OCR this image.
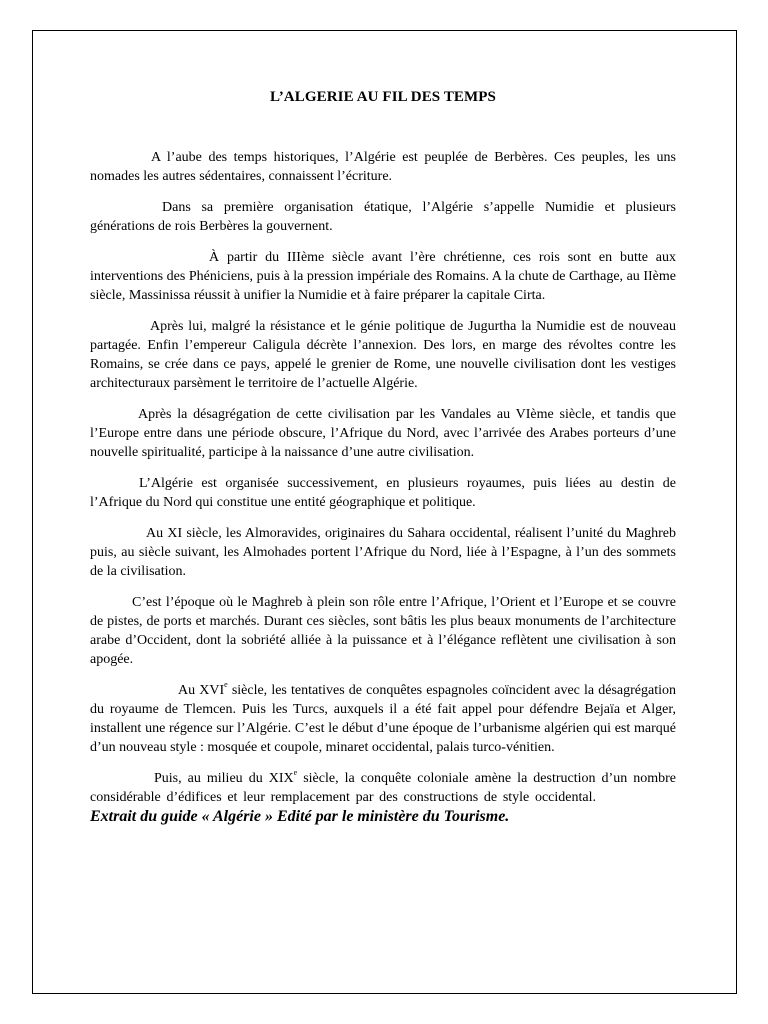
L’ALGERIE AU FIL DES TEMPS

A l’aube des temps historiques, l’Algérie est peuplée de Berbères. Ces peuples, les uns nomades les autres sédentaires, connaissent l’écriture.

Dans sa première organisation étatique, l’Algérie s’appelle Numidie et plusieurs générations de rois Berbères la gouvernent.

À partir du IIIème siècle avant l’ère chrétienne, ces rois sont en butte aux interventions des Phéniciens, puis à la pression impériale des Romains. A la chute de Carthage, au IIème siècle, Massinissa réussit à unifier la Numidie et à faire préparer la capitale Cirta.

Après lui, malgré la résistance et le génie politique de Jugurtha la Numidie est de nouveau partagée. Enfin l’empereur Caligula décrète l’annexion. Des lors, en marge des révoltes contre les Romains, se crée dans ce pays, appelé le grenier de Rome, une nouvelle civilisation dont les vestiges architecturaux parsèment le territoire de l’actuelle Algérie.

Après la désagrégation de cette civilisation par les Vandales au VIème siècle, et tandis que l’Europe entre dans une période obscure, l’Afrique du Nord, avec l’arrivée des Arabes porteurs d’une nouvelle spiritualité, participe à la naissance d’une autre civilisation.

L’Algérie est organisée successivement, en plusieurs royaumes, puis liées au destin de l’Afrique du Nord qui constitue une entité géographique et politique.

Au XI siècle, les Almoravides, originaires du Sahara occidental, réalisent l’unité du Maghreb puis, au siècle suivant, les Almohades portent l’Afrique du Nord, liée à l’Espagne, à l’un des sommets de la civilisation.

C’est l’époque où le Maghreb à plein son rôle entre l’Afrique, l’Orient et l’Europe et se couvre de pistes, de ports et marchés. Durant ces siècles, sont bâtis les plus beaux monuments de l’architecture arabe d’Occident, dont la sobriété alliée à la puissance et à l’élégance reflètent une civilisation à son apogée.

Au XVIe siècle, les tentatives de conquêtes espagnoles coïncident avec la désagrégation du royaume de Tlemcen. Puis les Turcs, auxquels il a été fait appel pour défendre Bejaïa et Alger, installent une régence sur l’Algérie. C’est le début d’une époque de l’urbanisme algérien qui est marqué d’un nouveau style : mosquée et coupole, minaret occidental, palais turco-vénitien.

Puis, au milieu du XIXe siècle, la conquête coloniale amène la destruction d’un nombre considérable d’édifices et leur remplacement par des constructions de style occidental.Extrait du guide « Algérie » Edité par le ministère du Tourisme.
